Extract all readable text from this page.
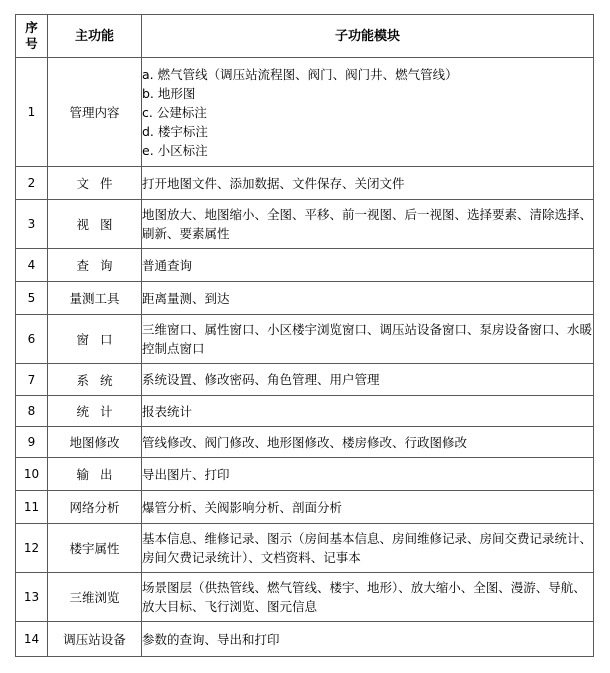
序
号	主功能	子功能模块

1	管理内容	a. 燃气管线（调压站流程图、阀门、阀门井、燃气管线）
b. 地形图
c. 公建标注
d. 楼宇标注
e. 小区标注

2	文件	打开地图文件、添加数据、文件保存、关闭文件

3	视图	地图放大、地图缩小、全图、平移、前一视图、后一视图、选择要素、清除选择、刷新、要素属性

4	查询	普通查询

5	量测工具	距离量测、到达

6	窗口	三维窗口、属性窗口、小区楼宇浏览窗口、调压站设备窗口、泵房设备窗口、水暖控制点窗口

7	系统	系统设置、修改密码、角色管理、用户管理

8	统计	报表统计

9	地图修改	管线修改、阀门修改、地形图修改、楼房修改、行政图修改

10	输出	导出图片、打印

11	网络分析	爆管分析、关阀影响分析、剖面分析

12	楼宇属性	基本信息、维修记录、图示（房间基本信息、房间维修记录、房间交费记录统计、房间欠费记录统计）、文档资料、记事本

13	三维浏览	场景图层（供热管线、燃气管线、楼宇、地形）、放大缩小、全图、漫游、导航、放大目标、飞行浏览、图元信息

14	调压站设备	参数的查询、导出和打印
